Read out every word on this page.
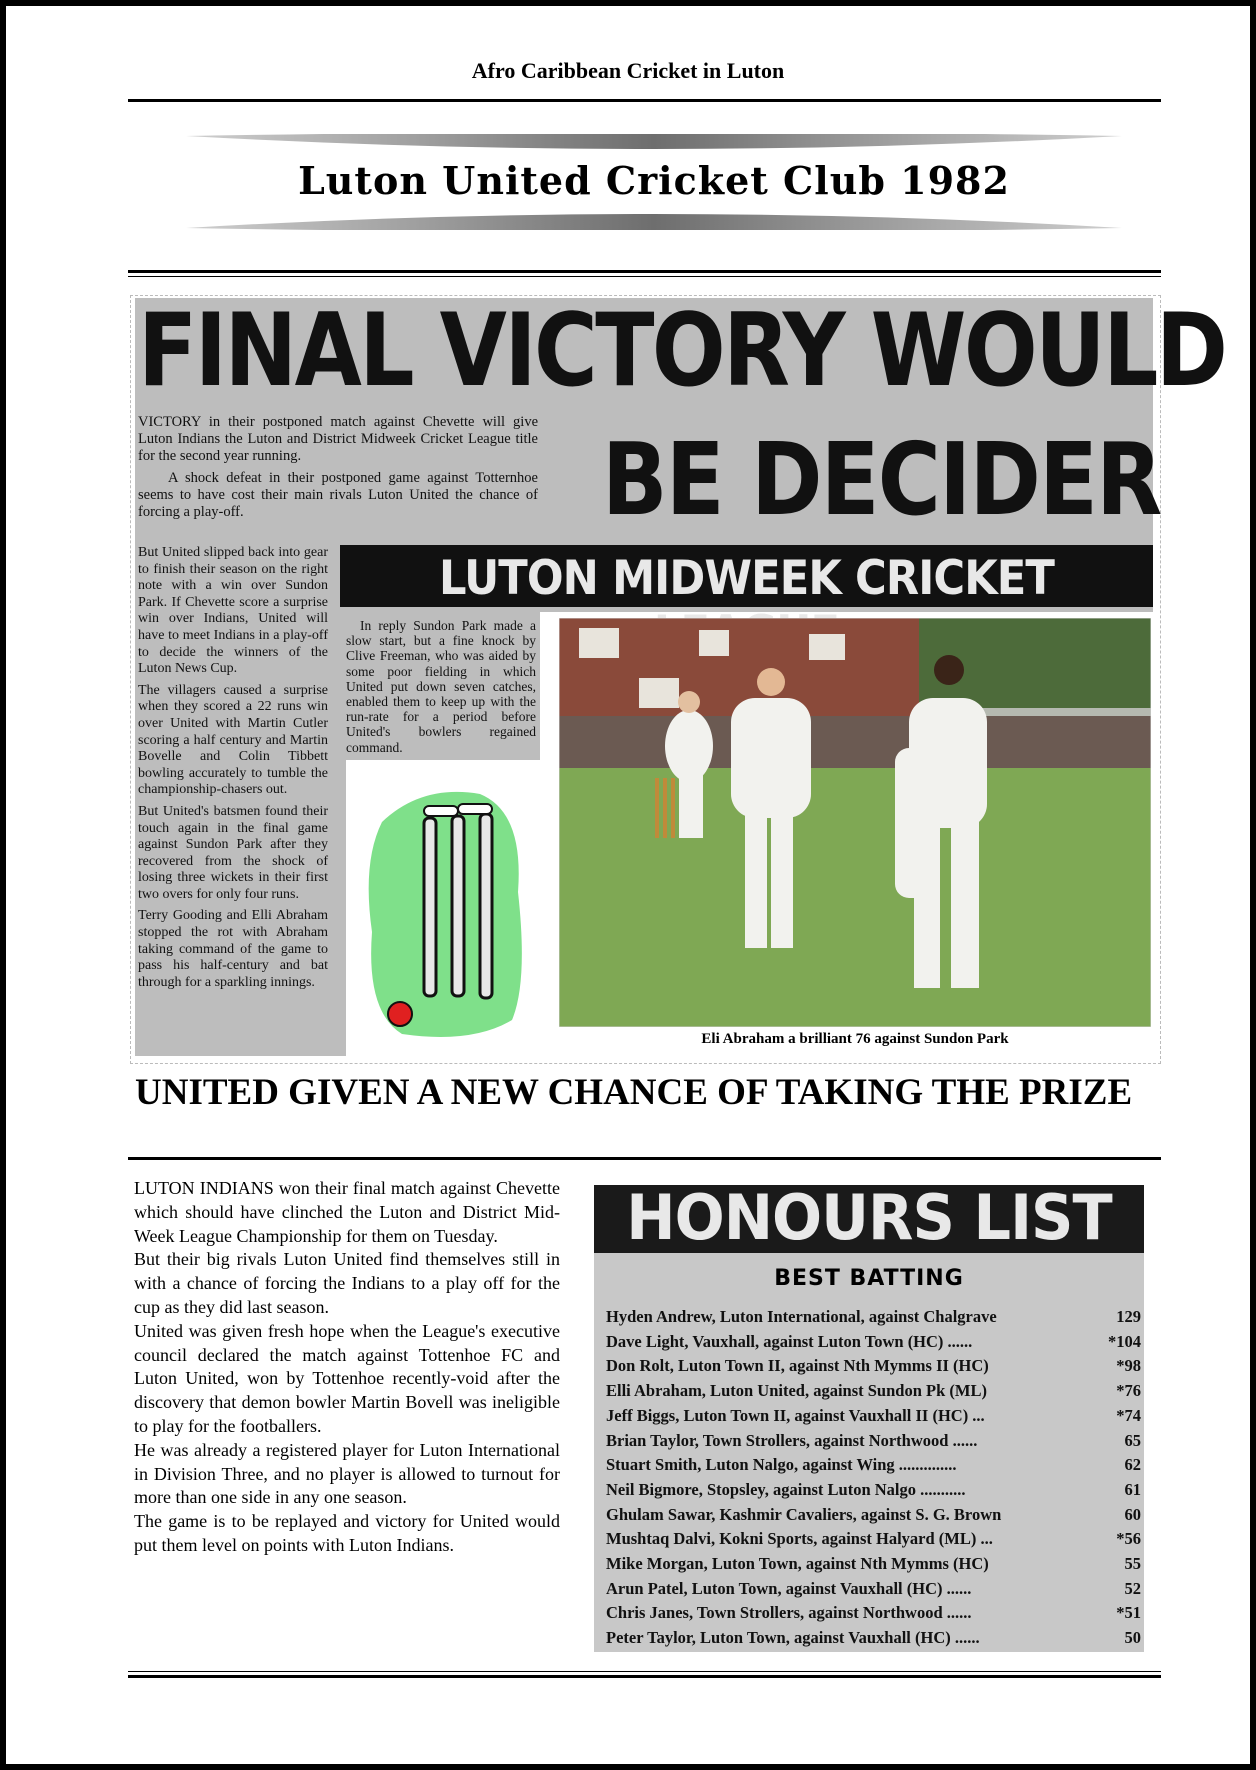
Afro Caribbean Cricket in Luton
Luton United Cricket Club 1982
FINAL VICTORY WOULD
BE DECIDER

VICTORY in their postponed match against Chevette will give Luton Indians the Luton and District Midweek Cricket League title for the second year running.

A shock defeat in their postponed game against Totternhoe seems to have cost their main rivals Luton United the chance of forcing a play-off.

LUTON MIDWEEK CRICKET

But United slipped back into gear to finish their season on the right note with a win over Sundon Park. If Chevette score a surprise win over Indians, United will have to meet Indians in a play-off to decide the winners of the Luton News Cup.

The villagers caused a surprise when they scored a 22 runs win over United with Martin Cutler scoring a half century and Martin Bovelle and Colin Tibbett bowling accurately to tumble the championship-chasers out.

But United's batsmen found their touch again in the final game against Sundon Park after they recovered from the shock of losing three wickets in their first two overs for only four runs.

Terry Gooding and Elli Abraham stopped the rot with Abraham taking command of the game to pass his half-century and bat through for a sparkling innings.

In reply Sundon Park made a slow start, but a fine knock by Clive Freeman, who was aided by some poor fielding in which United put down seven catches, enabled them to keep up with the run-rate for a period before United's bowlers regained command.

Eli Abraham a brilliant 76 against Sundon Park
UNITED GIVEN A NEW CHANCE OF TAKING THE PRIZE

LUTON INDIANS won their final match against Chevette which should have clinched the Luton and District Mid-Week League Championship for them on Tuesday.

But their big rivals Luton United find themselves still in with a chance of forcing the Indians to a play off for the cup as they did last season.

United was given fresh hope when the League's executive council declared the match against Tottenhoe FC and Luton United, won by Tottenhoe recently-void after the discovery that demon bowler Martin Bovell was ineligible to play for the footballers.

He was already a registered player for Luton International in Division Three, and no player is allowed to turnout for more than one side in any one season.

The game is to be replayed and victory for United would put them level on points with Luton Indians.

HONOURS LIST
BEST BATTING
Hyden Andrew, Luton International, against Chalgrave	129
Dave Light, Vauxhall, against Luton Town (HC) ......	*104
Don Rolt, Luton Town II, against Nth Mymms II (HC)	*98
Elli Abraham, Luton United, against Sundon Pk (ML)	*76
Jeff Biggs, Luton Town II, against Vauxhall II (HC) ...	*74
Brian Taylor, Town Strollers, against Northwood ......	65
Stuart Smith, Luton Nalgo, against Wing ..............	62
Neil Bigmore, Stopsley, against Luton Nalgo ...........	61
Ghulam Sawar, Kashmir Cavaliers, against S. G. Brown	60
Mushtaq Dalvi, Kokni Sports, against Halyard (ML) ...	*56
Mike Morgan, Luton Town, against Nth Mymms (HC)	55
Arun Patel, Luton Town, against Vauxhall (HC) ......	52
Chris Janes, Town Strollers, against Northwood ......	*51
Peter Taylor, Luton Town, against Vauxhall (HC) ......	50
